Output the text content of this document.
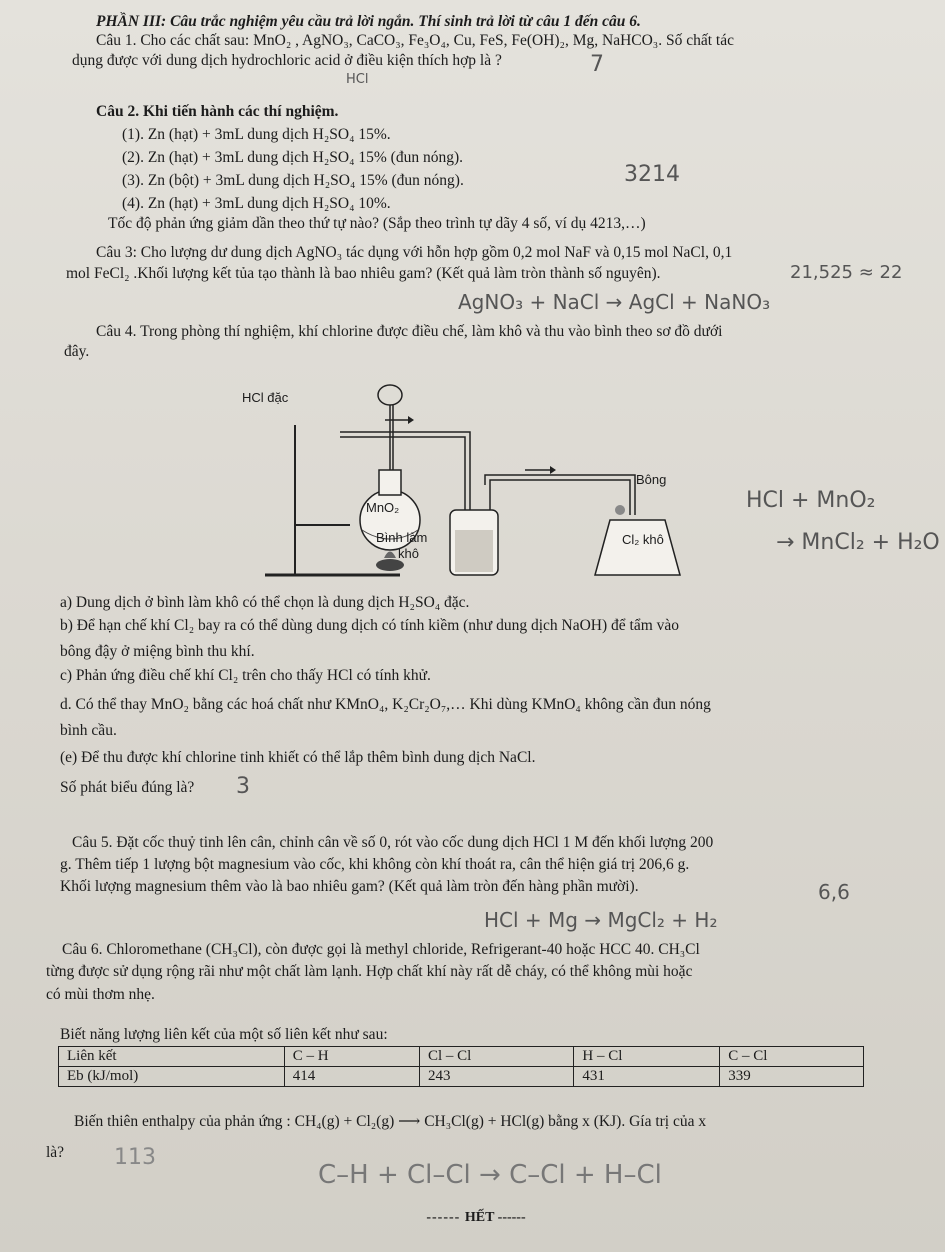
PHẦN III: Câu trắc nghiệm yêu cầu trả lời ngắn. Thí sinh trả lời từ câu 1 đến câu 6.
Câu 1. Cho các chất sau: MnO₂ , AgNO₃, CaCO₃, Fe₃O₄, Cu, FeS, Fe(OH)₂, Mg, NaHCO₃. Số chất tác
dụng được với dung dịch hydrochloric acid ở điều kiện thích hợp là ?	7
HCl
Câu 2. Khi tiến hành các thí nghiệm.
(1). Zn (hạt) + 3mL dung dịch H₂SO₄ 15%.
(2). Zn (hạt) + 3mL dung dịch H₂SO₄ 15% (đun nóng).
(3). Zn (bột) + 3mL dung dịch H₂SO₄ 15% (đun nóng).
(4). Zn (hạt) + 3mL dung dịch H₂SO₄ 10%.
Tốc độ phản ứng giảm dần theo thứ tự nào? (Sắp theo trình tự dãy 4 số, ví dụ 4213,…)
3214
Câu 3: Cho lượng dư dung dịch AgNO₃ tác dụng với hỗn hợp gồm 0,2 mol NaF và 0,15 mol NaCl, 0,1
mol FeCl₂ .Khối lượng kết tủa tạo thành là bao nhiêu gam? (Kết quả làm tròn thành số nguyên).	21,525 ≈ 22
AgNO₃ + NaCl → AgCl + NaNO₃
Câu 4. Trong phòng thí nghiệm, khí chlorine được điều chế, làm khô và thu vào bình theo sơ đồ dưới
đây.
HCl đặc
Bông
MnO₂
Bình làm
khô
Cl₂ khô
HCl + MnO₂
→ MnCl₂ + H₂O
a) Dung dịch ở bình làm khô có thể chọn là dung dịch H₂SO₄ đặc.
b) Để hạn chế khí Cl₂ bay ra có thể dùng dung dịch có tính kiềm (như dung dịch NaOH) để tẩm vào
bông đậy ở miệng bình thu khí.
c) Phản ứng điều chế khí Cl₂ trên cho thấy HCl có tính khử.
d. Có thể thay MnO₂ bằng các hoá chất như KMnO₄, K₂Cr₂O₇,… Khi dùng KMnO₄ không cần đun nóng
bình cầu.
(e) Để thu được khí chlorine tinh khiết có thể lắp thêm bình dung dịch NaCl.
Số phát biểu đúng là? 3
Câu 5. Đặt cốc thuỷ tinh lên cân, chỉnh cân về số 0, rót vào cốc dung dịch HCl 1 M đến khối lượng 200
g. Thêm tiếp 1 lượng bột magnesium vào cốc, khi không còn khí thoát ra, cân thể hiện giá trị 206,6 g.
Khối lượng magnesium thêm vào là bao nhiêu gam? (Kết quả làm tròn đến hàng phần mười).	6,6
HCl + Mg → MgCl₂ + H₂
Câu 6. Chloromethane (CH₃Cl), còn được gọi là methyl chloride, Refrigerant-40 hoặc HCC 40. CH₃Cl
từng được sử dụng rộng rãi như một chất làm lạnh. Hợp chất khí này rất dễ cháy, có thể không mùi hoặc
có mùi thơm nhẹ.
Biết năng lượng liên kết của một số liên kết như sau:
Liên kết	C – H	Cl – Cl	H – Cl	C – Cl
Eb (kJ/mol)	414	243	431	339
Biến thiên enthalpy của phản ứng : CH₄(g) + Cl₂(g) ⟶ CH₃Cl(g) + HCl(g) bằng x (KJ). Gía trị của x
là? 113
C–H + Cl–Cl → C–Cl + H–Cl
------ HẾT ------
